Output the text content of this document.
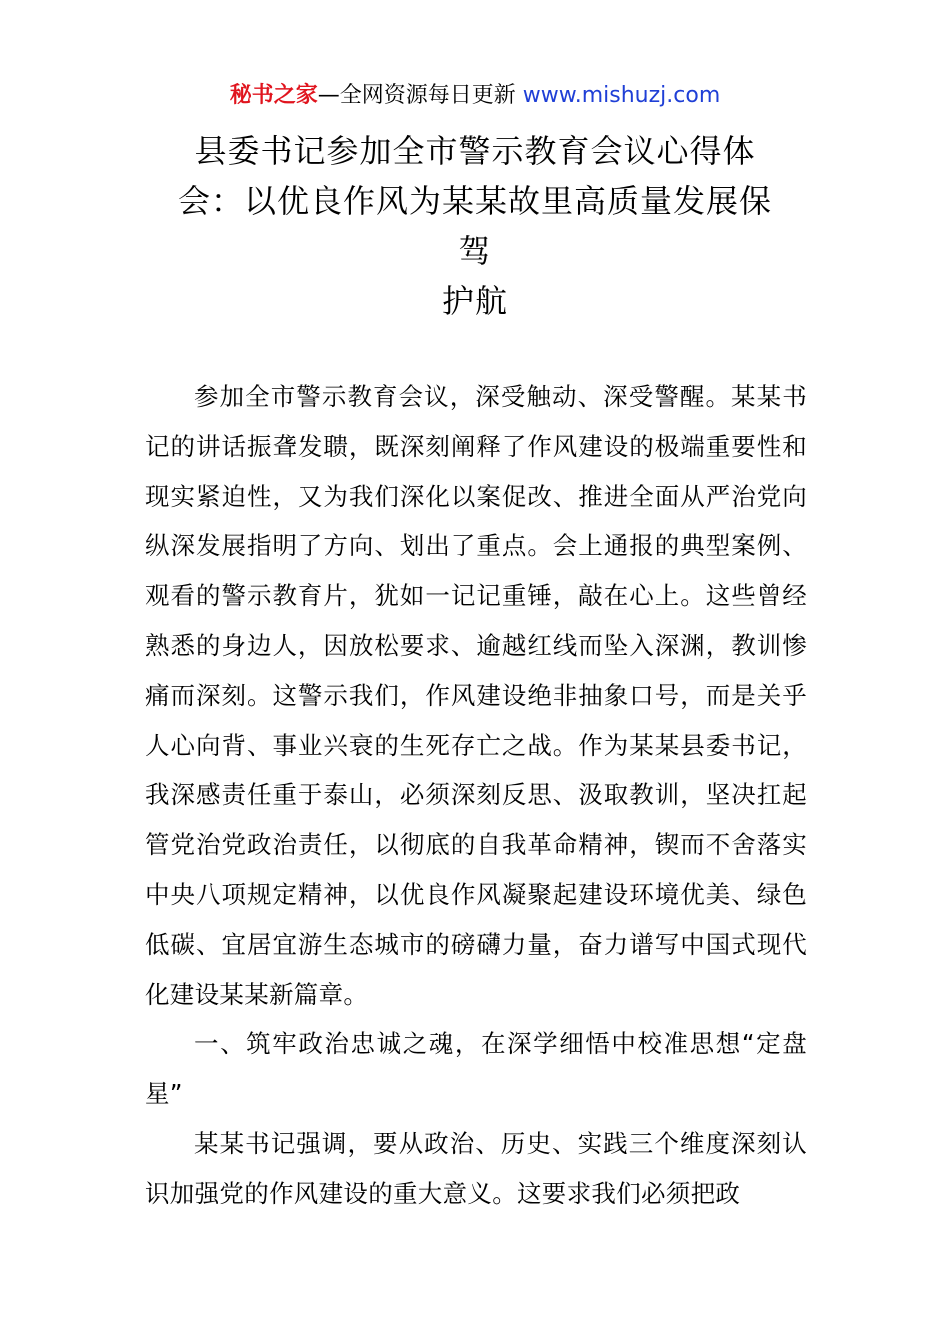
秘书之家—全网资源每日更新 www.mishuzj.com
县委书记参加全市警示教育会议心得体
会：以优良作风为某某故里高质量发展保
驾
护航

参加全市警示教育会议，深受触动、深受警醒。某某书记的讲话振聋发聩，既深刻阐释了作风建设的极端重要性和现实紧迫性，又为我们深化以案促改、推进全面从严治党向纵深发展指明了方向、划出了重点。会上通报的典型案例、观看的警示教育片，犹如一记记重锤，敲在心上。这些曾经熟悉的身边人，因放松要求、逾越红线而坠入深渊，教训惨痛而深刻。这警示我们，作风建设绝非抽象口号，而是关乎人心向背、事业兴衰的生死存亡之战。作为某某县委书记，我深感责任重于泰山，必须深刻反思、汲取教训，坚决扛起管党治党政治责任，以彻底的自我革命精神，锲而不舍落实中央八项规定精神，以优良作风凝聚起建设环境优美、绿色低碳、宜居宜游生态城市的磅礴力量，奋力谱写中国式现代化建设某某新篇章。

一、筑牢政治忠诚之魂，在深学细悟中校准思想“定盘星”

某某书记强调，要从政治、历史、实践三个维度深刻认识加强党的作风建设的重大意义。这要求我们必须把政
